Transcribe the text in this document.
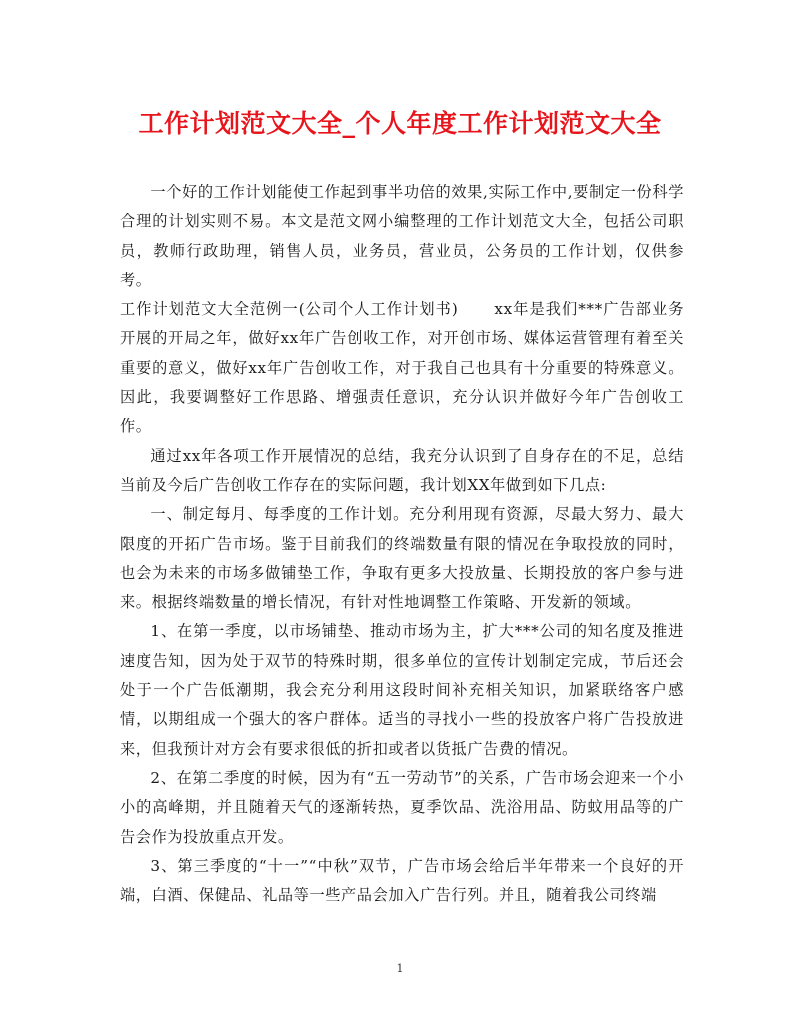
工作计划范文大全_个人年度工作计划范文大全

一个好的工作计划能使工作起到事半功倍的效果,实际工作中,要制定一份科学合理的计划实则不易。本文是范文网小编整理的工作计划范文大全，包括公司职员，教师行政助理，销售人员，业务员，营业员，公务员的工作计划，仅供参考。

工作计划范文大全范例一(公司个人工作计划书) xx年是我们***广告部业务开展的开局之年，做好xx年广告创收工作，对开创市场、媒体运营管理有着至关重要的意义，做好xx年广告创收工作，对于我自己也具有十分重要的特殊意义。因此，我要调整好工作思路、增强责任意识，充分认识并做好今年广告创收工作。

通过xx年各项工作开展情况的总结，我充分认识到了自身存在的不足，总结当前及今后广告创收工作存在的实际问题，我计划XX年做到如下几点:

一、制定每月、每季度的工作计划。充分利用现有资源，尽最大努力、最大限度的开拓广告市场。鉴于目前我们的终端数量有限的情况在争取投放的同时，也会为未来的市场多做铺垫工作，争取有更多大投放量、长期投放的客户参与进来。根据终端数量的增长情况，有针对性地调整工作策略、开发新的领域。

1、在第一季度，以市场铺垫、推动市场为主，扩大***公司的知名度及推进速度告知，因为处于双节的特殊时期，很多单位的宣传计划制定完成，节后还会处于一个广告低潮期，我会充分利用这段时间补充相关知识，加紧联络客户感情，以期组成一个强大的客户群体。适当的寻找小一些的投放客户将广告投放进来，但我预计对方会有要求很低的折扣或者以货抵广告费的情况。

2、在第二季度的时候，因为有“五一劳动节”的关系，广告市场会迎来一个小小的高峰期，并且随着天气的逐渐转热，夏季饮品、洗浴用品、防蚊用品等的广告会作为投放重点开发。

3、第三季度的“十一”“中秋”双节，广告市场会给后半年带来一个良好的开端，白酒、保健品、礼品等一些产品会加入广告行列。并且，随着我公司终端

1
